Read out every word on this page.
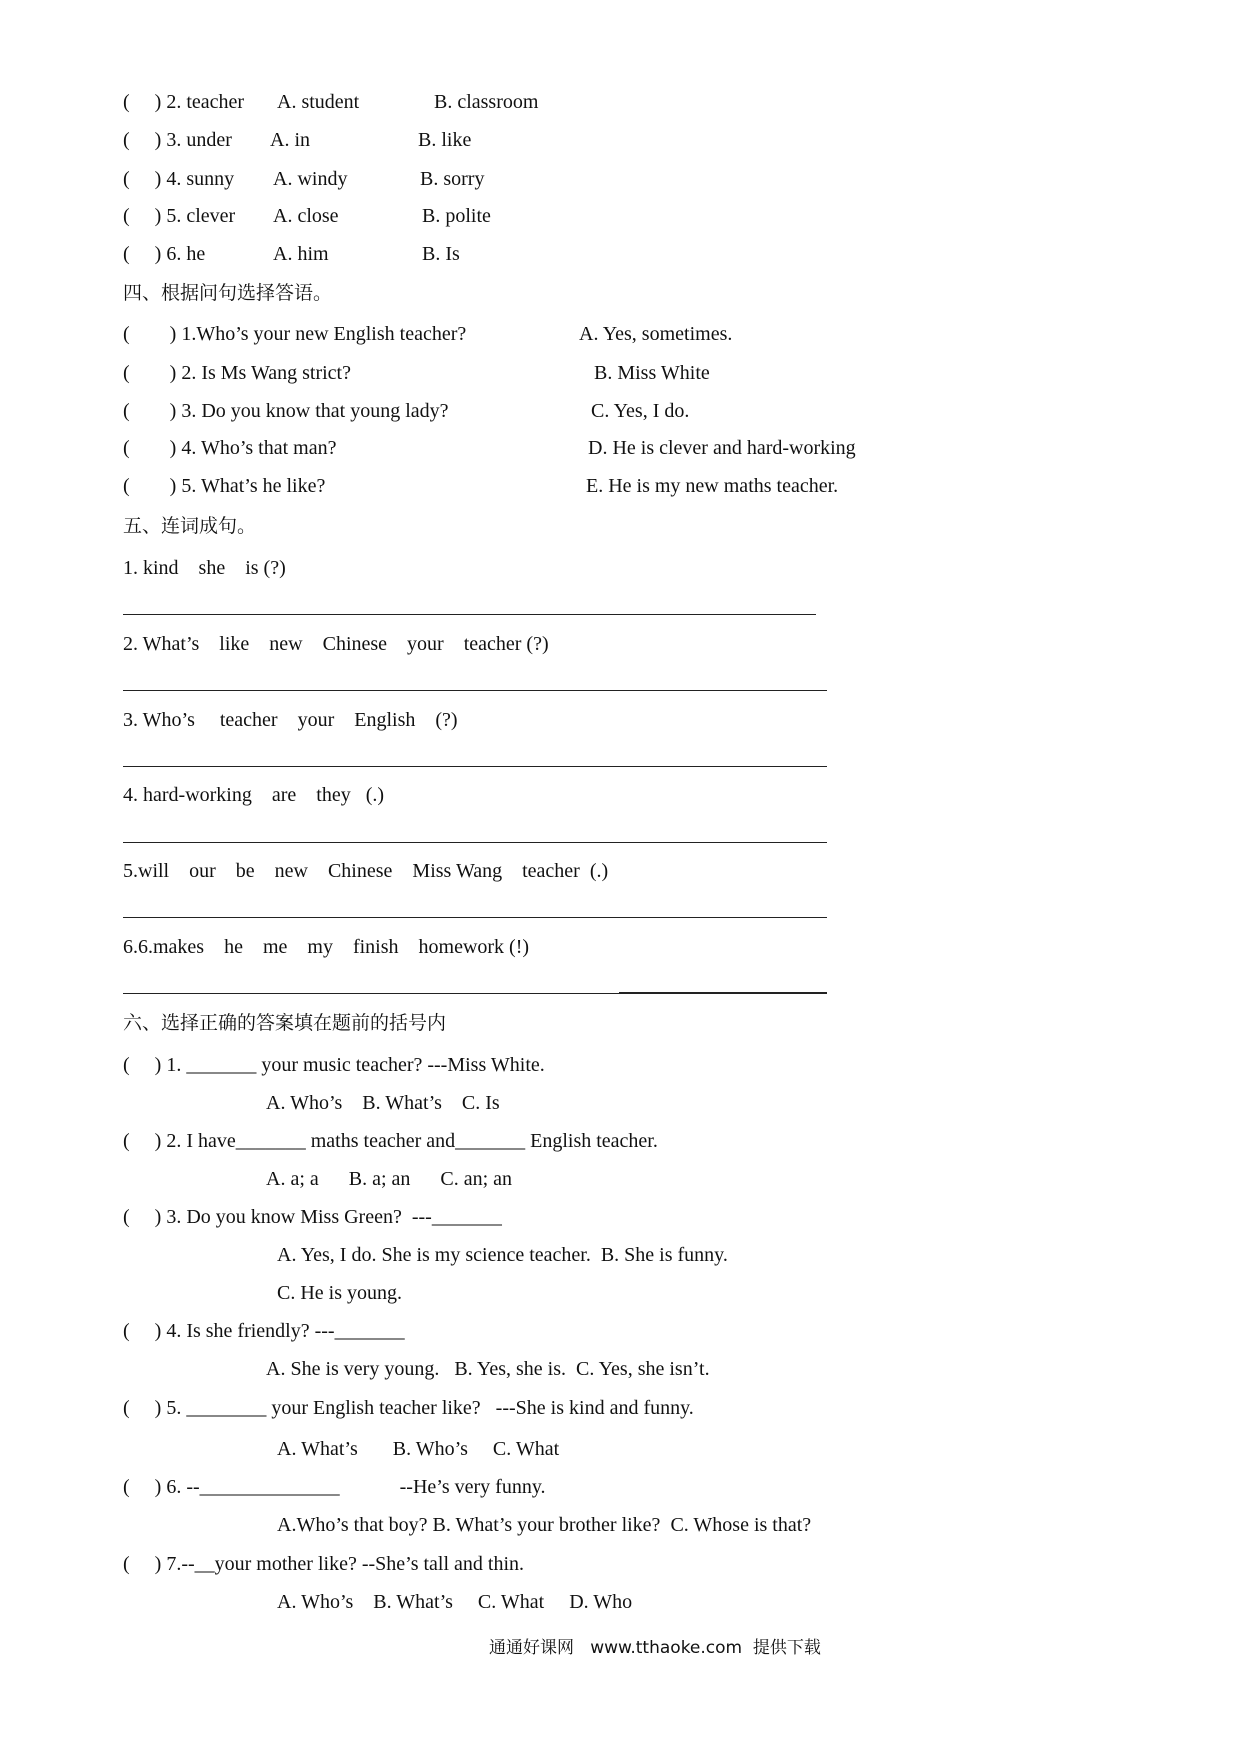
(     ) 2. teacher A. student	B. classroom
(     ) 3. under A. in	B. like
(     ) 4. sunny A. windy	B. sorry
(     ) 5. clever A. close	B. polite
(     ) 6. he	A. him	B. Is
四、根据问句选择答语。
(        ) 1.Who’s your new English teacher?	A. Yes, sometimes.
(        ) 2. Is Ms Wang strict?	B. Miss White
(        ) 3. Do you know that young lady?	C. Yes, I do.
(        ) 4. Who’s that man?	D. He is clever and hard-working
(        ) 5. What’s he like?	E. He is my new maths teacher.
五、连词成句。
1. kind    she    is (?)
2. What’s    like    new    Chinese    your    teacher (?)
3. Who’s     teacher    your    English    (?)
4. hard-working    are    they   (.)
5.will    our    be    new    Chinese    Miss Wang    teacher  (.)
6.6.makes    he    me    my    finish    homework (!)
六、选择正确的答案填在题前的括号内
(     ) 1. _______ your music teacher? ---Miss White.
A. Who’s    B. What’s    C. Is
(     ) 2. I have_______ maths teacher and_______ English teacher.
A. a; a      B. a; an      C. an; an
(     ) 3. Do you know Miss Green?  ---_______
A. Yes, I do. She is my science teacher.  B. She is funny.
C. He is young.
(     ) 4. Is she friendly? ---_______
A. She is very young.   B. Yes, she is.  C. Yes, she isn’t.
(     ) 5. ________ your English teacher like?   ---She is kind and funny.
A. What’s       B. Who’s     C. What
(     ) 6. --______________            --He’s very funny.
A.Who’s that boy? B. What’s your brother like?  C. Whose is that?
(     ) 7.--__your mother like? --She’s tall and thin.
A. Who’s    B. What’s     C. What     D. Who
通通好课网   www.tthaoke.com  提供下载
